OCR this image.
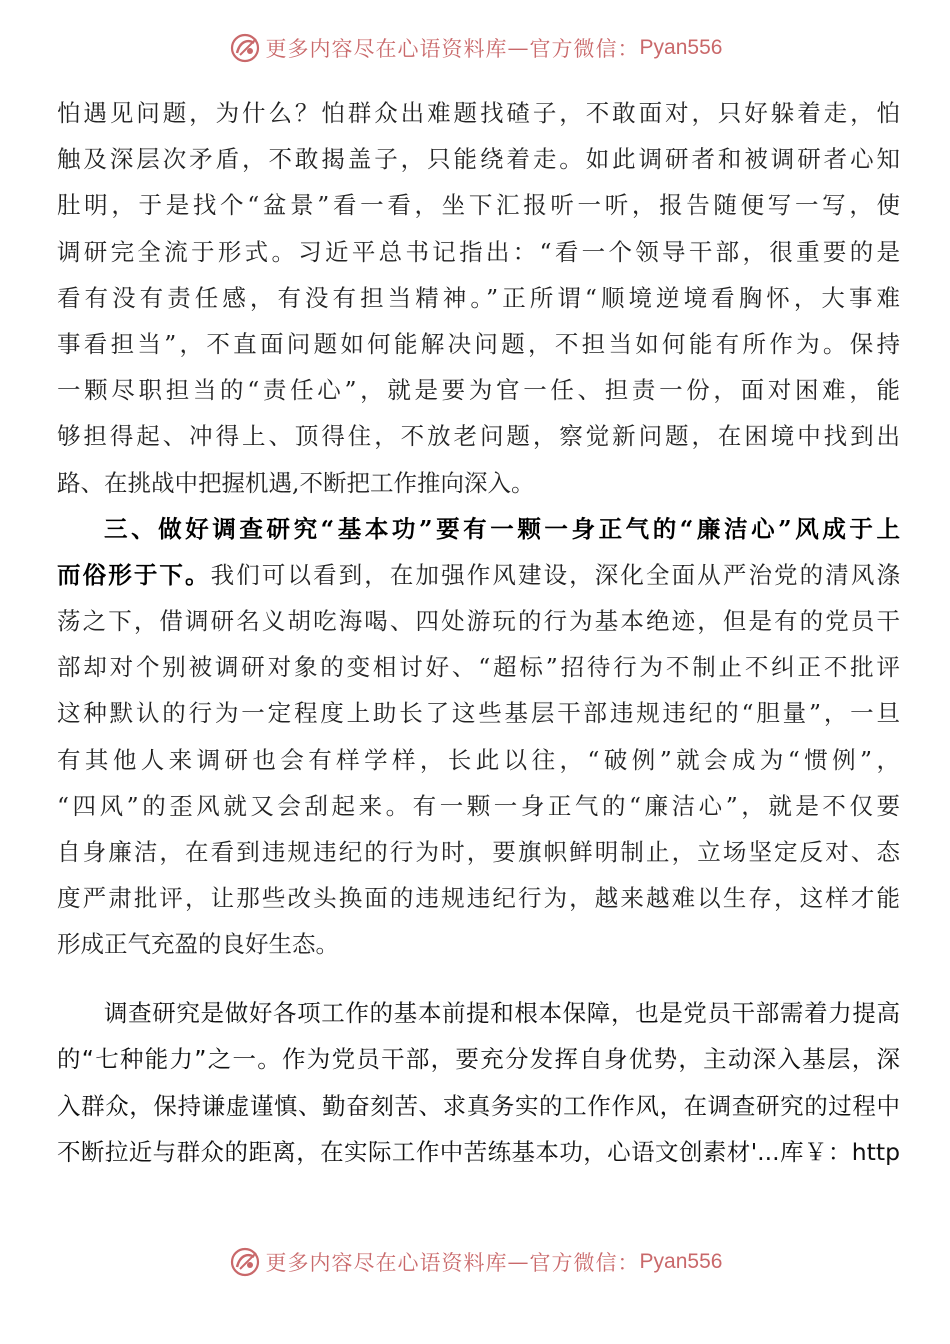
更多内容尽在心语资料库 — 官方微信： Pyan556
怕遇见问题，为什么？怕群众出难题找碴子，不敢面对，只好躲着走，怕
触及深层次矛盾，不敢揭盖子，只能绕着走。如此调研者和被调研者心知
肚明，于是找个“盆景”看一看，坐下汇报听一听，报告随便写一写，使
调研完全流于形式。习近平总书记指出：“看一个领导干部，很重要的是
看有没有责任感，有没有担当精神。”正所谓“顺境逆境看胸怀，大事难
事看担当”，不直面问题如何能解决问题，不担当如何能有所作为。保持
一颗尽职担当的“责任心”，就是要为官一任、担责一份，面对困难，能
够担得起、冲得上、顶得住，不放老问题，察觉新问题，在困境中找到出
路、在挑战中把握机遇,不断把工作推向深入。
三、做好调查研究“基本功”要有一颗一身正气的“廉洁心”风成于上
而俗形于下。我们可以看到，在加强作风建设，深化全面从严治党的清风涤
荡之下，借调研名义胡吃海喝、四处游玩的行为基本绝迹，但是有的党员干
部却对个别被调研对象的变相讨好、“超标”招待行为不制止不纠正不批评
这种默认的行为一定程度上助长了这些基层干部违规违纪的“胆量”，一旦
有其他人来调研也会有样学样，长此以往，“破例”就会成为“惯例”，
“四风”的歪风就又会刮起来。有一颗一身正气的“廉洁心”，就是不仅要
自身廉洁，在看到违规违纪的行为时，要旗帜鲜明制止，立场坚定反对、态
度严肃批评，让那些改头换面的违规违纪行为，越来越难以生存，这样才能
形成正气充盈的良好生态。
调查研究是做好各项工作的基本前提和根本保障，也是党员干部需着力提高
的“七种能力”之一。作为党员干部，要充分发挥自身优势，主动深入基层，深
入群众，保持谦虚谨慎、勤奋刻苦、求真务实的工作作风，在调查研究的过程中
不断拉近与群众的距离，在实际工作中苦练基本功，心语文创素材'...库￥：http
更多内容尽在心语资料库 — 官方微信： Pyan556
